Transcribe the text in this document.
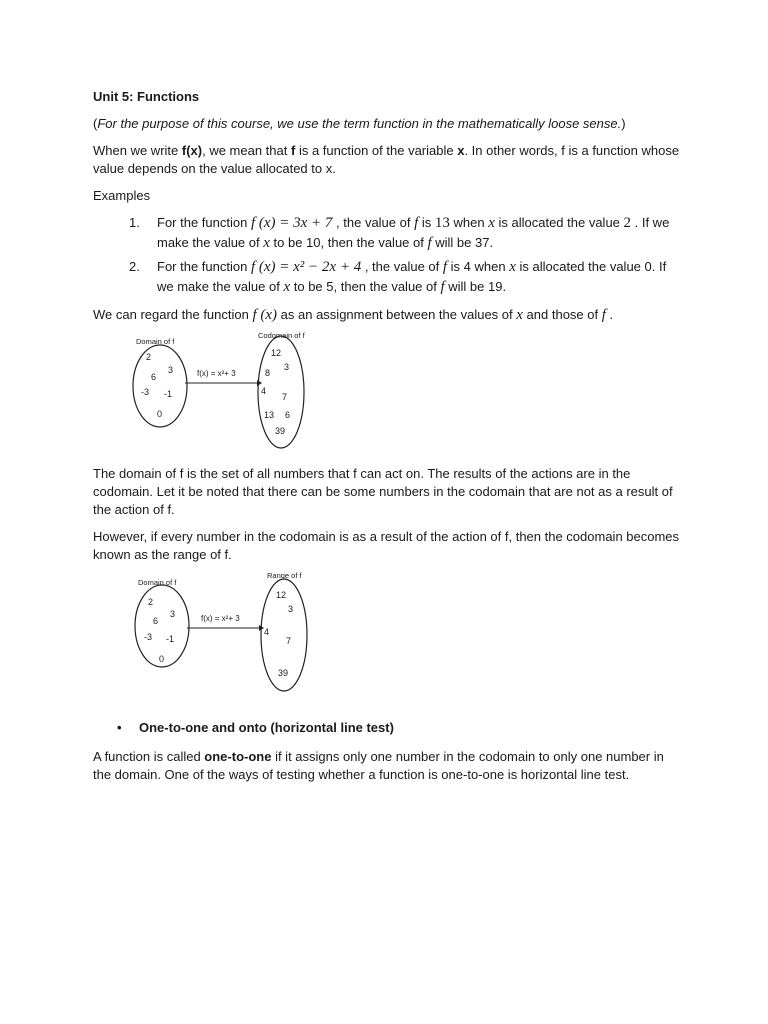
Unit 5: Functions

(For the purpose of this course, we use the term function in the mathematically loose sense.)

When we write f(x), we mean that f is a function of the variable x. In other words, f is a function whose value depends on the value allocated to x.

Examples

1. For the function f (x) = 3x + 7 , the value of f is 13 when x is allocated the value 2 . If we make the value of x to be 10, then the value of f will be 37.

2. For the function f (x) = x² − 2x + 4 , the value of f is 4 when x is allocated the value 0. If we make the value of x to be 5, then the value of f will be 19.

We can regard the function f (x) as an assignment between the values of x and those of f .

Domain of f
Codomain of f
f(x) = x²+ 3
2
3
6
-3 -1
0
12
3
8
4
7
13 6
39

The domain of f is the set of all numbers that f can act on. The results of the actions are in the codomain. Let it be noted that there can be some numbers in the codomain that are not as a result of the action of f.

However, if every number in the codomain is as a result of the action of f, then the codomain becomes known as the range of f.

Domain of f
Range of f
f(x) = x²+ 3
2
3
6
-3 -1
0
12
3
4
7
39

• One-to-one and onto (horizontal line test)

A function is called one-to-one if it assigns only one number in the codomain to only one number in the domain. One of the ways of testing whether a function is one-to-one is horizontal line test.
